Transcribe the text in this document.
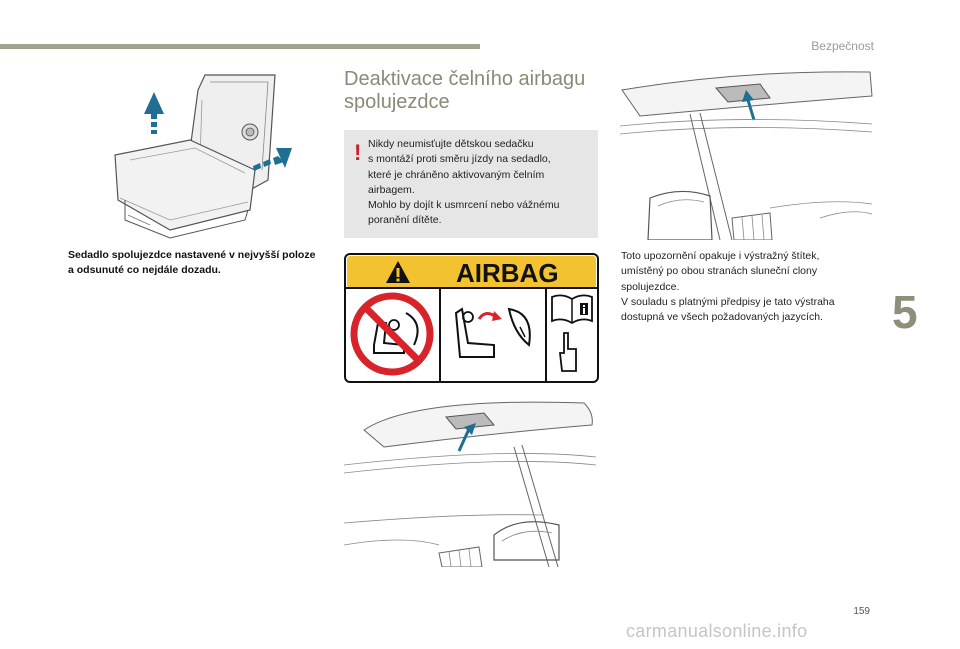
Bezpečnost
5
Sedadlo spolujezdce nastavené v nejvyšší poloze a odsunuté co nejdále dozadu.
Deaktivace čelního airbagu spolujezdce
! Nikdy neumisťujte dětskou sedačku
s montáží proti směru jízdy na sedadlo,
které je chráněno aktivovaným čelním
airbagem.
Mohlo by dojít k usmrcení nebo vážnému
poranění dítěte.
AIRBAG
Toto upozornění opakuje i výstražný štítek,
umístěný po obou stranách sluneční clony
spolujezdce.
V souladu s platnými předpisy je tato výstraha
dostupná ve všech požadovaných jazycích.
159
carmanualsonline.info
